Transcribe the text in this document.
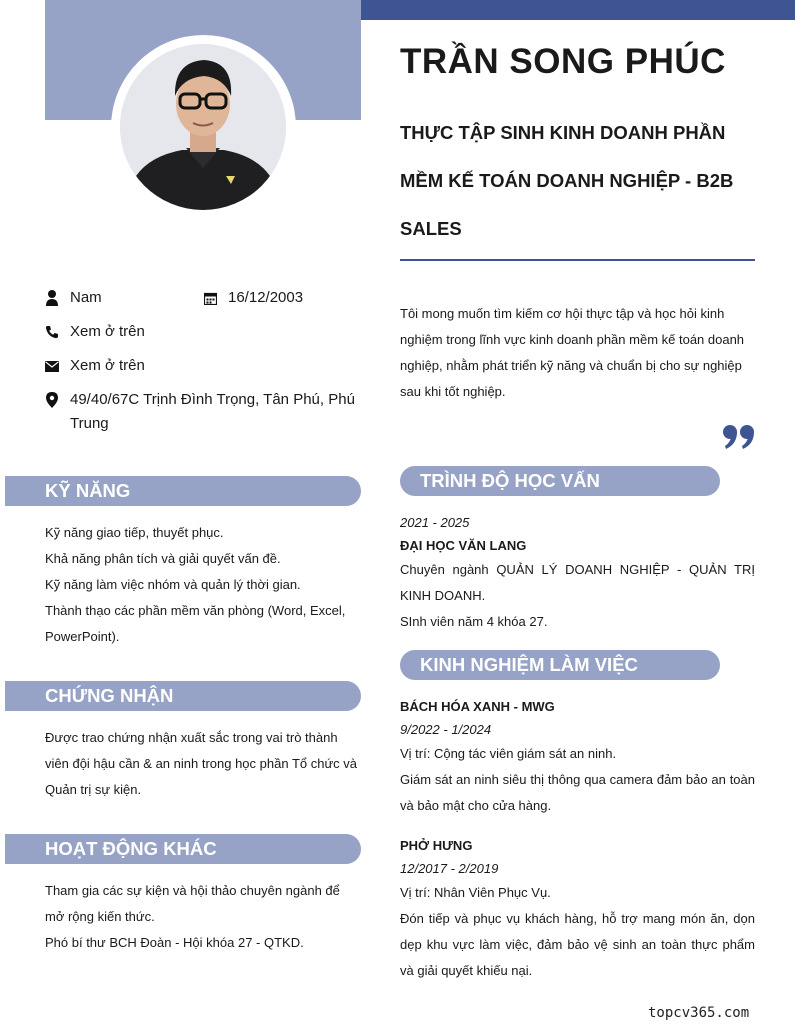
TRẦN SONG PHÚC
THỰC TẬP SINH KINH DOANH PHẦN MỀM KẾ TOÁN DOANH NGHIỆP - B2B SALES

Tôi mong muốn tìm kiếm cơ hội thực tập và học hỏi kinh nghiệm trong lĩnh vực kinh doanh phần mềm kế toán doanh nghiệp, nhằm phát triển kỹ năng và chuẩn bị cho sự nghiệp sau khi tốt nghiệp.

Nam	16/12/2003
Xem ở trên
Xem ở trên
49/40/67C Trịnh Đình Trọng, Tân Phú, Phú Trung
KỸ NĂNG

Kỹ năng giao tiếp, thuyết phục.

Khả năng phân tích và giải quyết vấn đề.

Kỹ năng làm việc nhóm và quản lý thời gian.

Thành thạo các phần mềm văn phòng (Word, Excel, PowerPoint).

CHỨNG NHẬN

Được trao chứng nhận xuất sắc trong vai trò thành viên đội hậu cần & an ninh trong học phần Tổ chức và Quản trị sự kiện.

HOẠT ĐỘNG KHÁC

Tham gia các sự kiện và hội thảo chuyên ngành để mở rộng kiến thức.

Phó bí thư BCH Đoàn - Hội khóa 27 - QTKD.

TRÌNH ĐỘ HỌC VẤN
2021 - 2025
ĐẠI HỌC VĂN LANG

Chuyên ngành QUẢN LÝ DOANH NGHIỆP - QUẢN TRỊ KINH DOANH.

SInh viên năm 4 khóa 27.

KINH NGHIỆM LÀM VIỆC
BÁCH HÓA XANH - MWG
9/2022 - 1/2024

Vị trí: Cộng tác viên giám sát an ninh.

Giám sát an ninh siêu thị thông qua camera đảm bảo an toàn và bảo mật cho cửa hàng.

PHỞ HƯNG
12/2017 - 2/2019

Vị trí: Nhân Viên Phục Vụ.

Đón tiếp và phục vụ khách hàng, hỗ trợ mang món ăn, dọn dẹp khu vực làm việc, đảm bảo vệ sinh an toàn thực phẩm và giải quyết khiếu nại.

topcv365.com
